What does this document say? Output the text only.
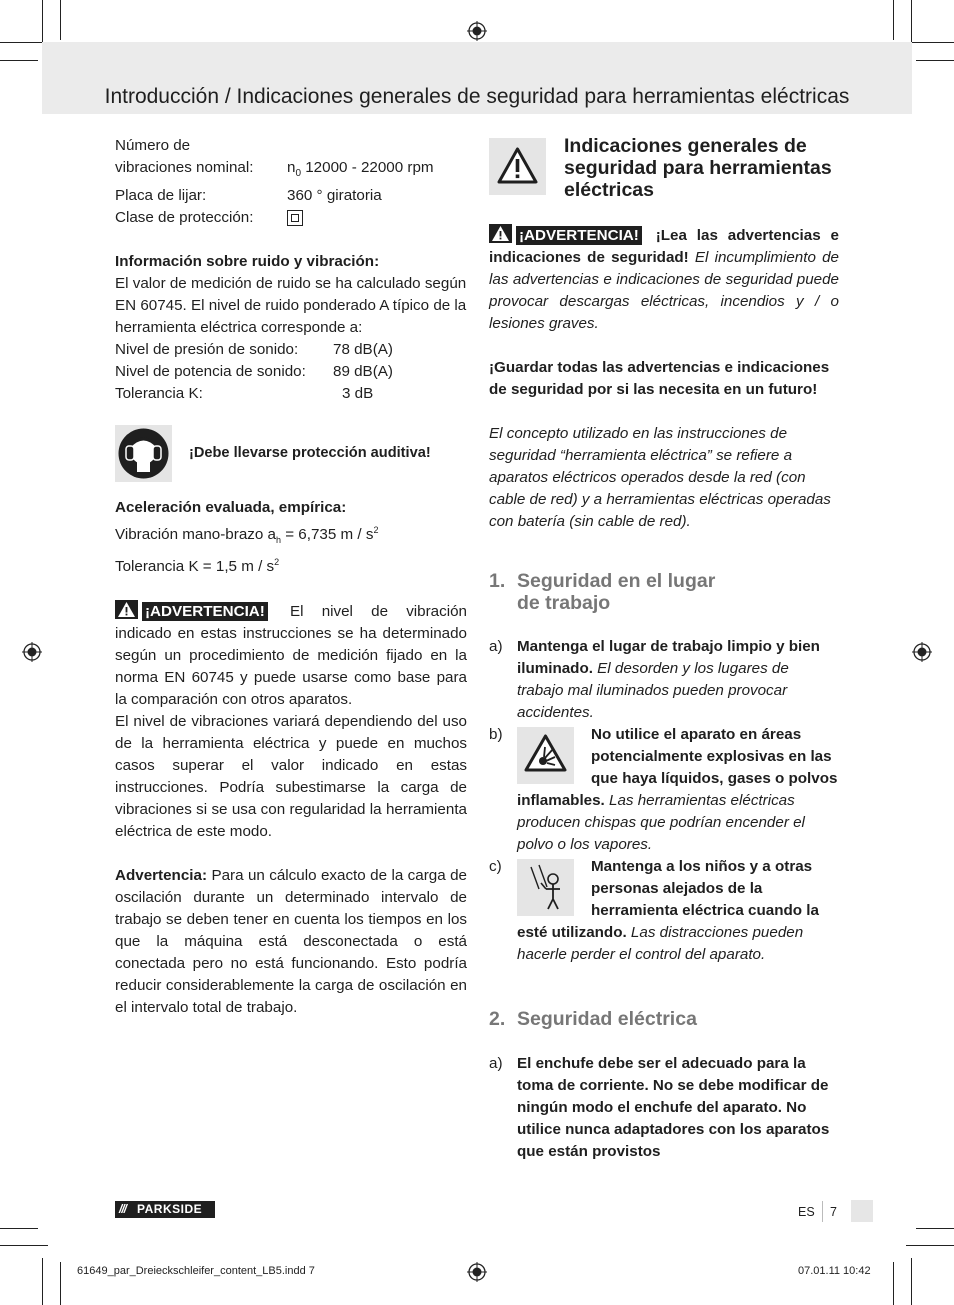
Introducción / Indicaciones generales de seguridad para herramientas eléctricas
Número de
vibraciones nominal:	$n_0$ 12000 - 22000 rpm
Placa de lijar:	360 ° giratoria
Clase de protección:

Información sobre ruido y vibración:

El valor de medición de ruido se ha calculado según EN 60745. El nivel de ruido ponderado A típico de la herramienta eléctrica corresponde a:

Nivel de presión de sonido:	78 dB(A)
Nivel de potencia de sonido:	89 dB(A)
Tolerancia K:	3 dB
¡Debe llevarse protección auditiva!

Aceleración evaluada, empírica:

Vibración mano-brazo $a_h = 6,735$ m / $s^2$

Tolerancia K = 1,5 m / $s^2$

¡ADVERTENCIA! El nivel de vibración indicado en estas instrucciones se ha determinado según un procedimiento de medición fijado en la norma EN 60745 y puede usarse como base para la comparación con otros aparatos.

El nivel de vibraciones variará dependiendo del uso de la herramienta eléctrica y puede en muchos casos superar el valor indicado en estas instrucciones. Podría subestimarse la carga de vibraciones si se usa con regularidad la herramienta eléctrica de este modo.

Advertencia: Para un cálculo exacto de la carga de oscilación durante un determinado intervalo de trabajo se deben tener en cuenta los tiempos en los que la máquina está desconectada o está conectada pero no está funcionando. Esto podría reducir considerablemente la carga de oscilación en el intervalo total de trabajo.

Indicaciones generales de seguridad para herramientas eléctricas

¡ADVERTENCIA! ¡Lea las advertencias e indicaciones de seguridad! El incumplimiento de las advertencias e indicaciones de seguridad puede provocar descargas eléctricas, incendios y / o lesiones graves.

¡Guardar todas las advertencias e indicaciones de seguridad por si las necesita en un futuro!

El concepto utilizado en las instrucciones de seguridad “herramienta eléctrica” se refiere a aparatos eléctricos operados desde la red (con cable de red) y a herramientas eléctricas operadas con batería (sin cable de red).

1. Seguridad en el lugar de trabajo
a) Mantenga el lugar de trabajo limpio y bien iluminado. El desorden y los lugares de trabajo mal iluminados pueden provocar accidentes.

b)	No utilice el aparato en áreas potencialmente explosivas en las que haya líquidos, gases o polvos inflamables. Las herramientas eléctricas producen chispas que podrían encender el polvo o los vapores.

c)	Mantenga a los niños y a otras personas alejados de la herramienta eléctrica cuando la esté utilizando. Las distracciones pueden hacerle perder el control del aparato.

2. Seguridad eléctrica
a) El enchufe debe ser el adecuado para la toma de corriente. No se debe modificar de ningún modo el enchufe del aparato. No utilice nunca adaptadores con los aparatos que están provistos

/// PARKSIDE	ES 7
61649_par_Dreieckschleifer_content_LB5.indd 7	07.01.11 10:42
